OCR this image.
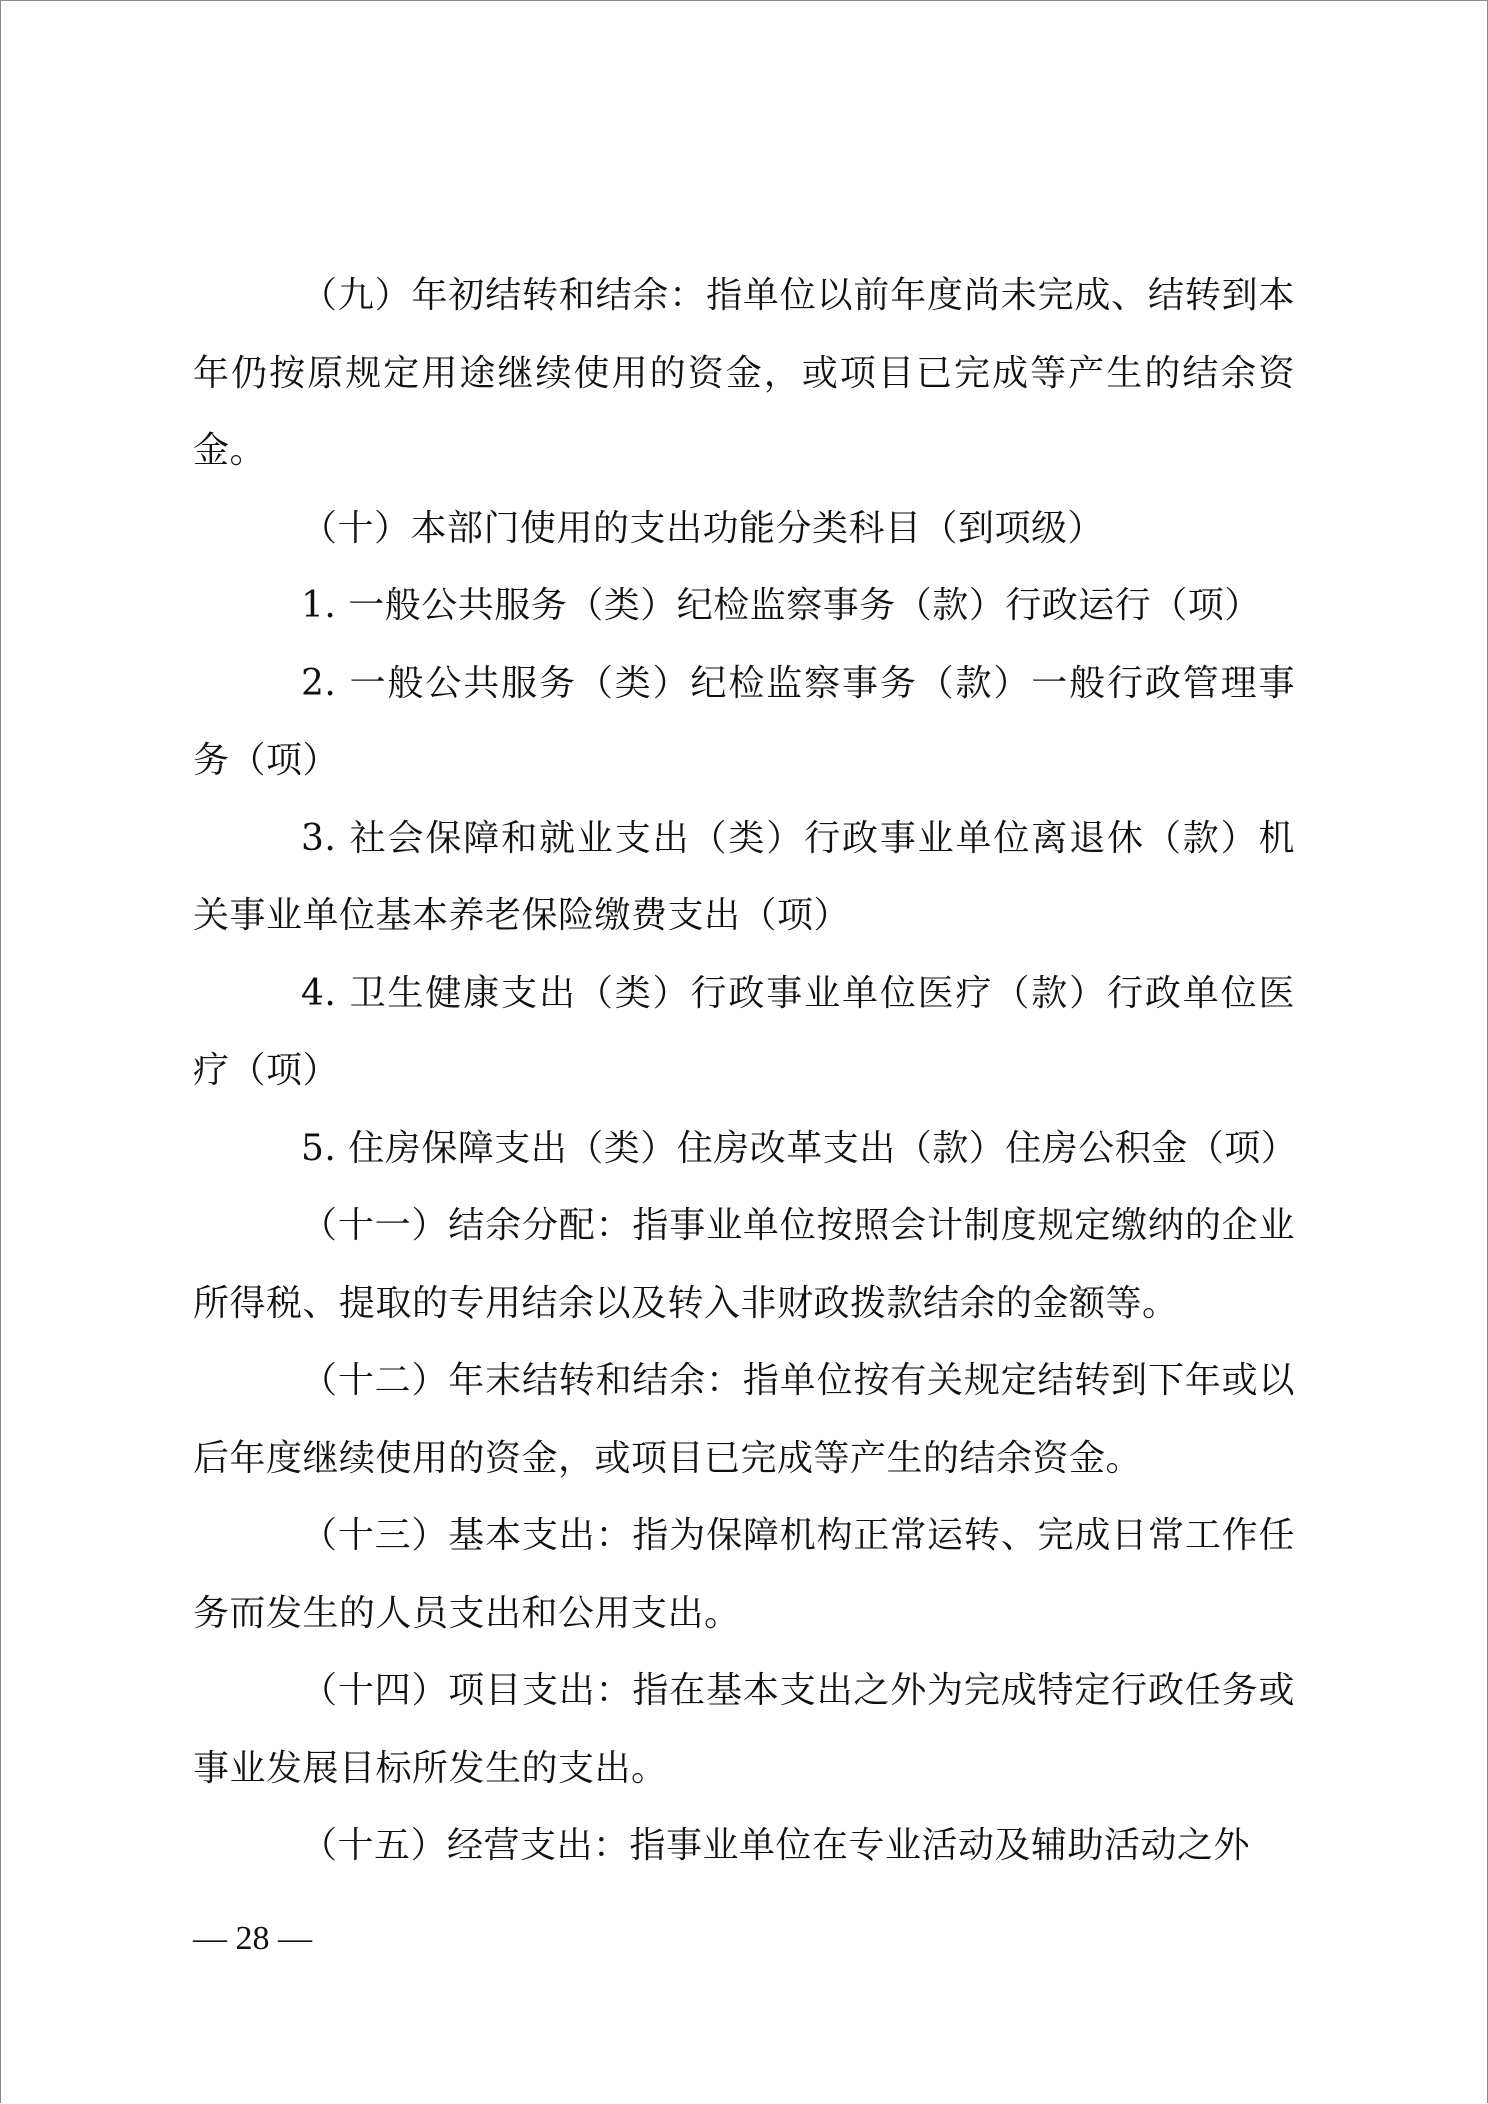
（九）年初结转和结余：指单位以前年度尚未完成、结转到本年仍按原规定用途继续使用的资金，或项目已完成等产生的结余资金。

（十）本部门使用的支出功能分类科目（到项级）

1. 一般公共服务（类）纪检监察事务（款）行政运行（项）

2. 一般公共服务（类）纪检监察事务（款）一般行政管理事务（项）

3. 社会保障和就业支出（类）行政事业单位离退休（款）机关事业单位基本养老保险缴费支出（项）

4. 卫生健康支出（类）行政事业单位医疗（款）行政单位医疗（项）

5. 住房保障支出（类）住房改革支出（款）住房公积金（项）

（十一）结余分配：指事业单位按照会计制度规定缴纳的企业所得税、提取的专用结余以及转入非财政拨款结余的金额等。

（十二）年末结转和结余：指单位按有关规定结转到下年或以后年度继续使用的资金，或项目已完成等产生的结余资金。

（十三）基本支出：指为保障机构正常运转、完成日常工作任务而发生的人员支出和公用支出。

（十四）项目支出：指在基本支出之外为完成特定行政任务或事业发展目标所发生的支出。

（十五）经营支出：指事业单位在专业活动及辅助活动之外

— 28 —
